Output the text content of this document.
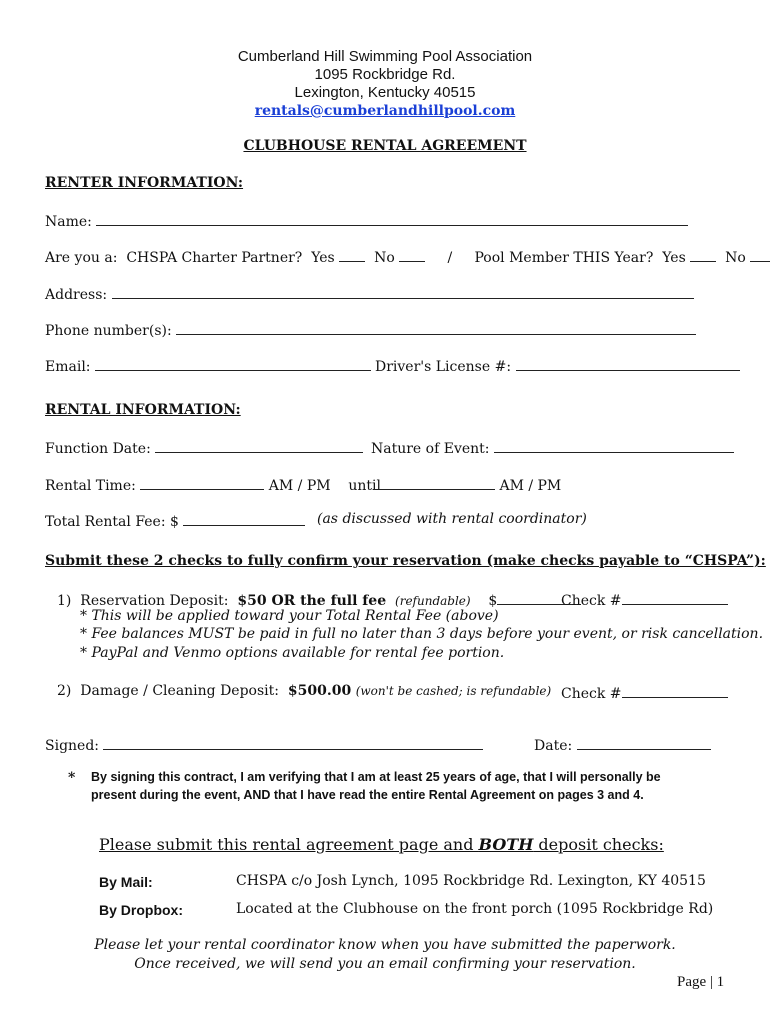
Cumberland Hill Swimming Pool Association
1095 Rockbridge Rd.
Lexington, Kentucky 40515
rentals@cumberlandhillpool.com
CLUBHOUSE RENTAL AGREEMENT
RENTER INFORMATION:
Name:
Are you a: CHSPA Charter Partner? Yes	No	/ Pool Member THIS Year? Yes	No
Address:
Phone number(s):
Email:	Driver's License #:
RENTAL INFORMATION:
Function Date:	Nature of Event:
Rental Time:	AM / PM until	AM / PM
Total Rental Fee: $	(as discussed with rental coordinator)
Submit these 2 checks to fully confirm your reservation (make checks payable to “CHSPA”):
1) Reservation Deposit: $50 OR the full fee (refundable) $	Check #
* This will be applied toward your Total Rental Fee (above)
* Fee balances MUST be paid in full no later than 3 days before your event, or risk cancellation.
* PayPal and Venmo options available for rental fee portion.
2) Damage / Cleaning Deposit: $500.00 (won't be cashed; is refundable) Check #
Signed:	Date:
* By signing this contract, I am verifying that I am at least 25 years of age, that I will personally be
present during the event, AND that I have read the entire Rental Agreement on pages 3 and 4.
Please submit this rental agreement page and BOTH deposit checks:
By Mail:	CHSPA c/o Josh Lynch, 1095 Rockbridge Rd. Lexington, KY 40515
By Dropbox:	Located at the Clubhouse on the front porch (1095 Rockbridge Rd)
Please let your rental coordinator know when you have submitted the paperwork.
Once received, we will send you an email confirming your reservation.
Page | 1
